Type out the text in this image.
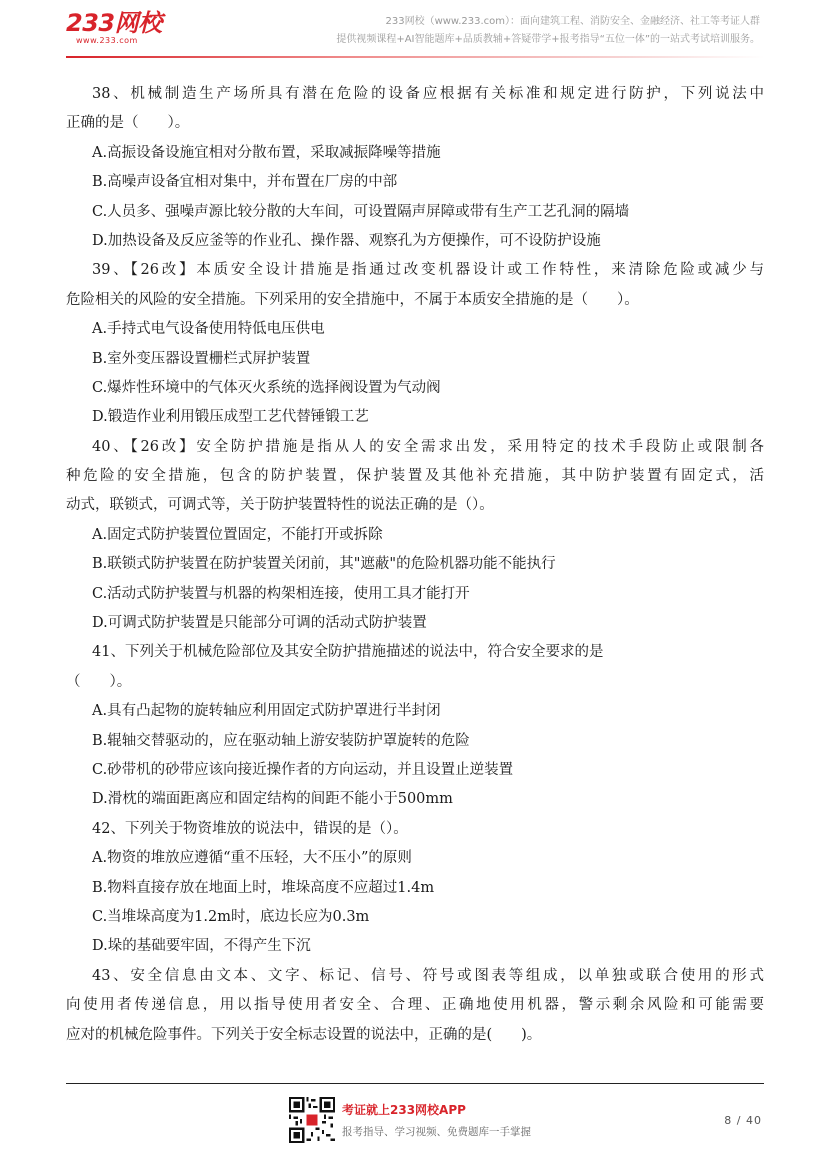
233网校
www.233.com
233网校（www.233.com）：面向建筑工程、消防安全、金融经济、社工等考证人群
提供视频课程+AI智能题库+品质教辅+答疑带学+报考指导“五位一体”的一站式考试培训服务。
38、机械制造生产场所具有潜在危险的设备应根据有关标准和规定进行防护，下列说法中
正确的是（　　）。
A.高振设备设施宜相对分散布置，采取减振降噪等措施
B.高噪声设备宜相对集中，并布置在厂房的中部
C.人员多、强噪声源比较分散的大车间，可设置隔声屏障或带有生产工艺孔洞的隔墙
D.加热设备及反应釜等的作业孔、操作器、观察孔为方便操作，可不设防护设施
39、【26改】本质安全设计措施是指通过改变机器设计或工作特性，来清除危险或减少与
危险相关的风险的安全措施。下列采用的安全措施中，不属于本质安全措施的是（　　）。
A.手持式电气设备使用特低电压供电
B.室外变压器设置栅栏式屏护装置
C.爆炸性环境中的气体灭火系统的选择阀设置为气动阀
D.锻造作业利用锻压成型工艺代替锤锻工艺
40、【26改】安全防护措施是指从人的安全需求出发，采用特定的技术手段防止或限制各
种危险的安全措施，包含的防护装置，保护装置及其他补充措施，其中防护装置有固定式，活
动式，联锁式，可调式等，关于防护装置特性的说法正确的是（）。
A.固定式防护装置位置固定，不能打开或拆除
B.联锁式防护装置在防护装置关闭前，其"遮蔽"的危险机器功能不能执行
C.活动式防护装置与机器的构架相连接，使用工具才能打开
D.可调式防护装置是只能部分可调的活动式防护装置
41、下列关于机械危险部位及其安全防护措施描述的说法中，符合安全要求的是
（　　）。
A.具有凸起物的旋转轴应利用固定式防护罩进行半封闭
B.辊轴交替驱动的，应在驱动轴上游安装防护罩旋转的危险
C.砂带机的砂带应该向接近操作者的方向运动，并且设置止逆装置
D.滑枕的端面距离应和固定结构的间距不能小于500mm
42、下列关于物资堆放的说法中，错误的是（）。
A.物资的堆放应遵循“重不压轻，大不压小”的原则
B.物料直接存放在地面上时，堆垛高度不应超过1.4m
C.当堆垛高度为1.2m时，底边长应为0.3m
D.垛的基础要牢固，不得产生下沉
43、安全信息由文本、文字、标记、信号、符号或图表等组成，以单独或联合使用的形式
向使用者传递信息，用以指导使用者安全、合理、正确地使用机器，警示剩余风险和可能需要
应对的机械危险事件。下列关于安全标志设置的说法中，正确的是(　　)。
考证就上233网校APP
报考指导、学习视频、免费题库一手掌握
8 / 40
